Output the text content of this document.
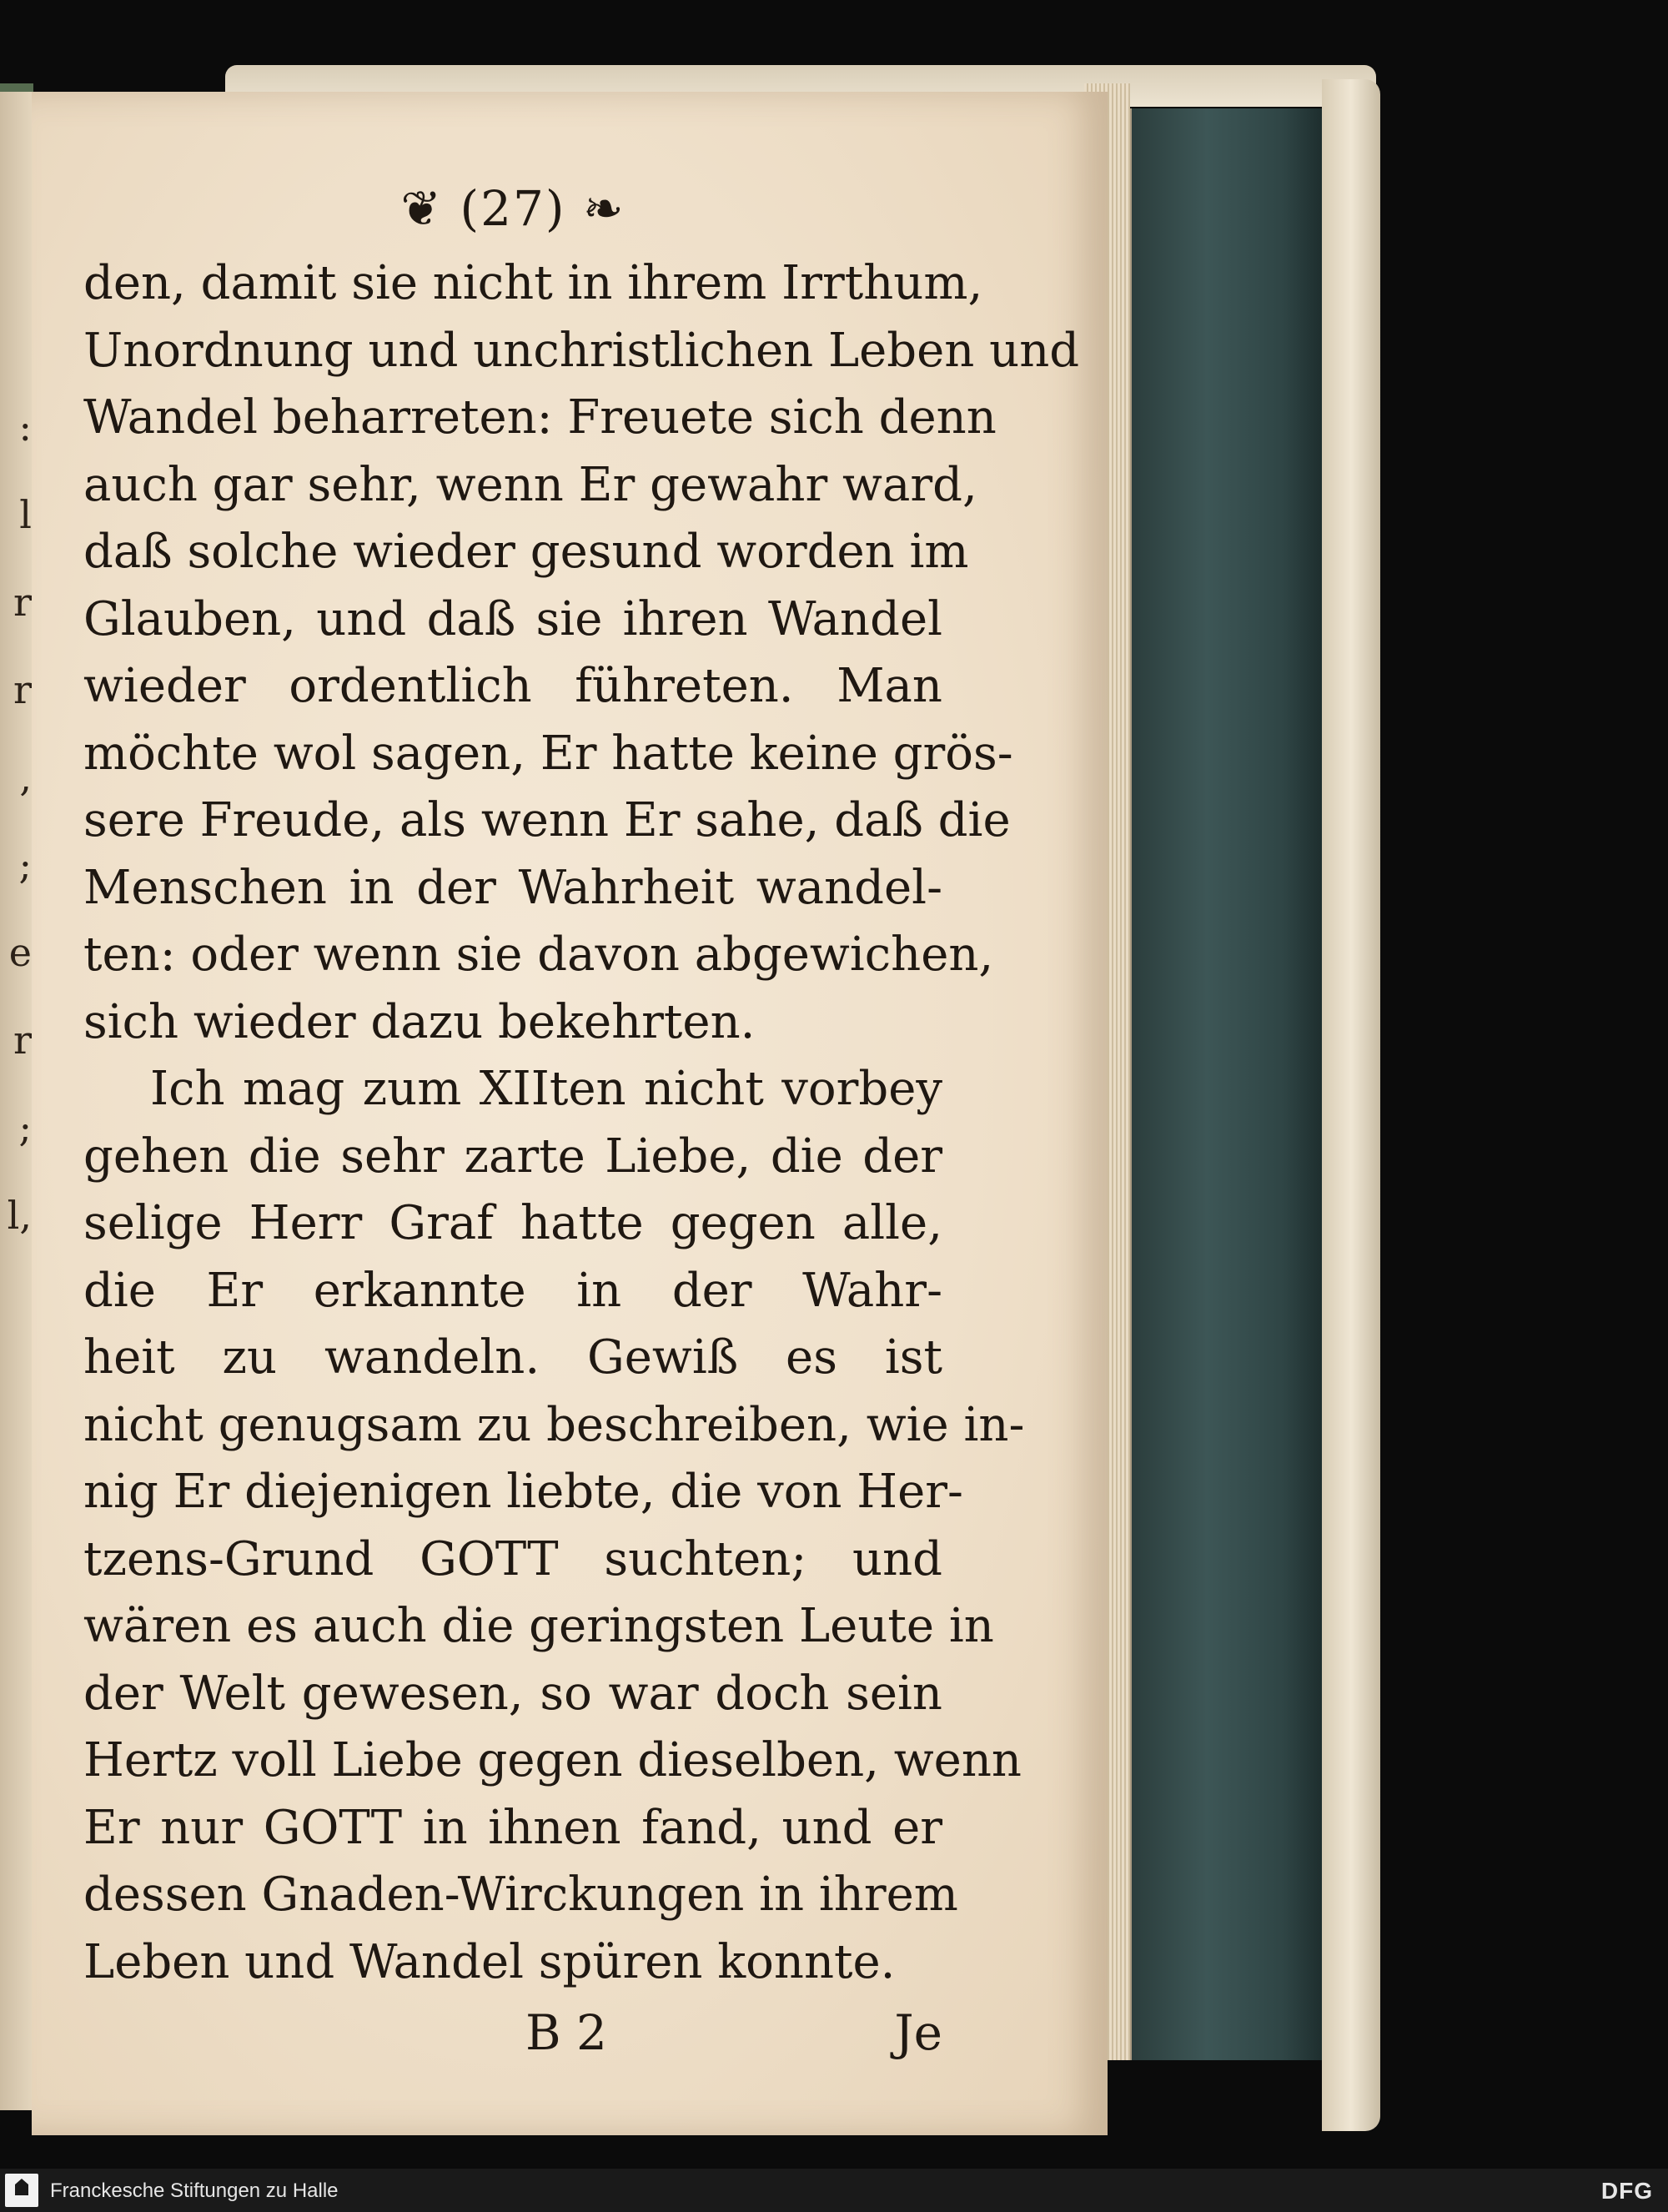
:
l
r
r
,
;
e
r
;
l,
❦ (27) ❧
den, damit sie nicht in ihrem Irrthum,
Unordnung und unchristlichen Leben und
Wandel beharreten: Freuete sich denn
auch gar sehr, wenn Er gewahr ward,
daß solche wieder gesund worden im
Glauben, und daß sie ihren Wandel
wieder ordentlich führeten. Man
möchte wol sagen, Er hatte keine grös-
sere Freude, als wenn Er sahe, daß die
Menschen in der Wahrheit wandel-
ten: oder wenn sie davon abgewichen,
sich wieder dazu bekehrten.
Ich mag zum XIIten nicht vorbey
gehen die sehr zarte Liebe, die der
selige Herr Graf hatte gegen alle,
die Er erkannte in der Wahr-
heit zu wandeln. Gewiß es ist
nicht genugsam zu beschreiben, wie in-
nig Er diejenigen liebte, die von Her-
tzens-Grund GOTT suchten; und
wären es auch die geringsten Leute in
der Welt gewesen, so war doch sein
Hertz voll Liebe gegen dieselben, wenn
Er nur GOTT in ihnen fand, und er
dessen Gnaden-Wirckungen in ihrem
Leben und Wandel spüren konnte.
B 2	Je
Franckesche Stiftungen zu Halle	DFG
